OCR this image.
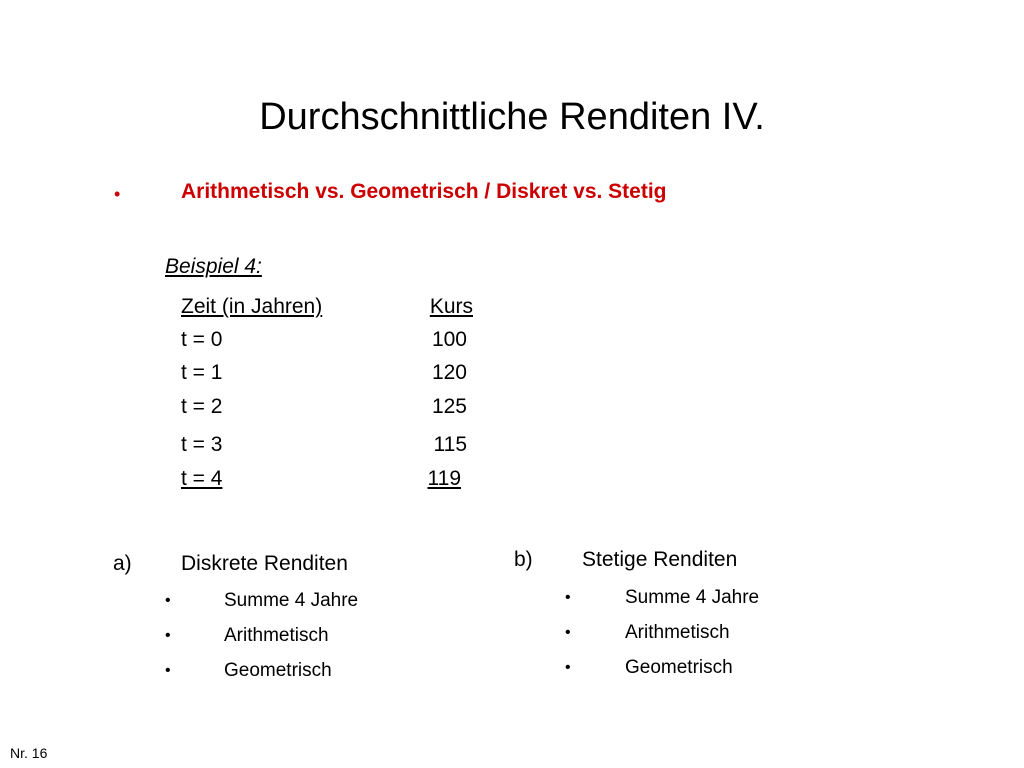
Durchschnittliche Renditen IV.
•	Arithmetisch vs. Geometrisch / Diskret vs. Stetig
Beispiel 4:
Zeit (in Jahren)	Kurs
t = 0	100
t = 1	120
t = 2	125
t = 3	115
t = 4	119
a) Diskrete Renditen
•	Summe 4 Jahre
•	Arithmetisch
•	Geometrisch
b) Stetige Renditen
•	Summe 4 Jahre
•	Arithmetisch
•	Geometrisch
Nr. 16
